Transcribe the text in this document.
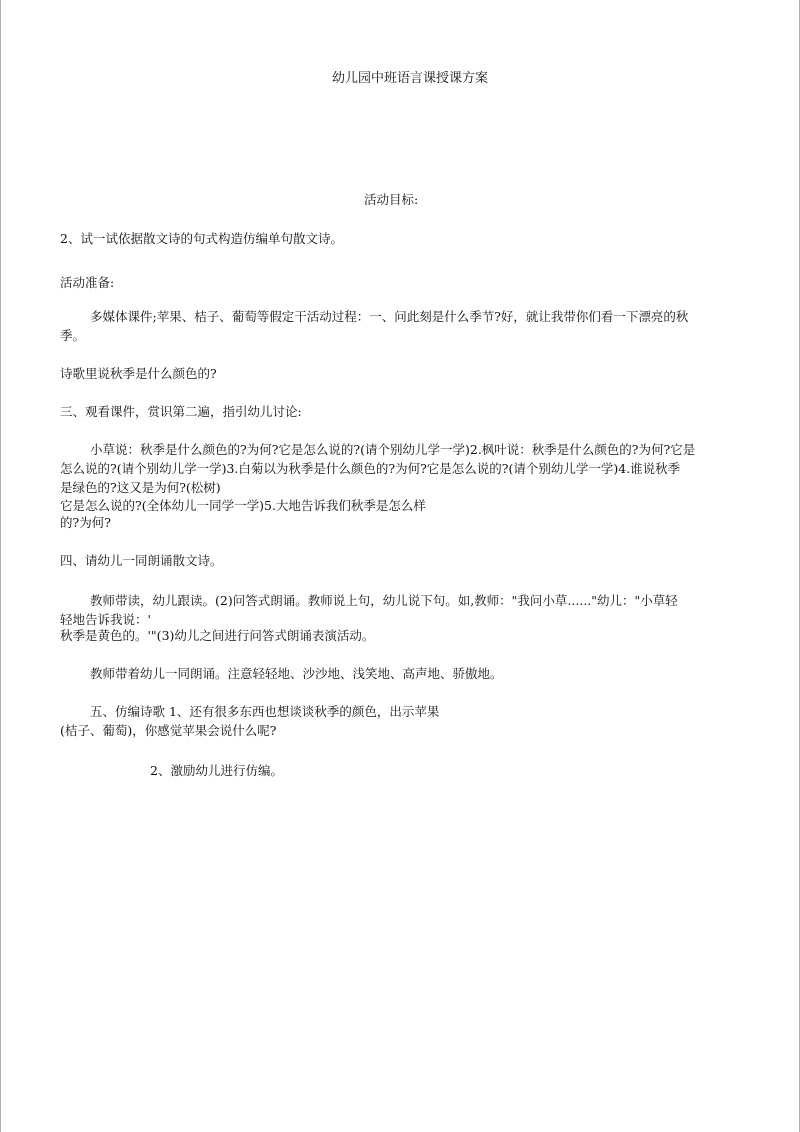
幼儿园中班语言课授课方案
活动目标:
2、试一试依据散文诗的句式构造仿编单句散文诗。
活动准备:
多媒体课件;苹果、桔子、葡萄等假定干活动过程：一、问此刻是什么季节?好，就让我带你们看一下漂亮的秋
季。
诗歌里说秋季是什么颜色的?
三、观看课件，赏识第二遍，指引幼儿讨论:
小草说：秋季是什么颜色的?为何?它是怎么说的?(请个别幼儿学一学)2.枫叶说：秋季是什么颜色的?为何?它是
怎么说的?(请个别幼儿学一学)3.白菊以为秋季是什么颜色的?为何?它是怎么说的?(请个别幼儿学一学)4.谁说秋季
是绿色的?这又是为何?(松树)
它是怎么说的?(全体幼儿一同学一学)5.大地告诉我们秋季是怎么样
的?为何?
四、请幼儿一同朗诵散文诗。
教师带读，幼儿跟读。(2)问答式朗诵。教师说上句，幼儿说下句。如,教师："我问小草......"幼儿："小草轻
轻地告诉我说：'
秋季是黄色的。'"(3)幼儿之间进行问答式朗诵表演活动。
教师带着幼儿一同朗诵。注意轻轻地、沙沙地、浅笑地、高声地、骄傲地。
五、仿编诗歌 1、还有很多东西也想谈谈秋季的颜色，出示苹果
(桔子、葡萄)，你感觉苹果会说什么呢?
2、激励幼儿进行仿编。
